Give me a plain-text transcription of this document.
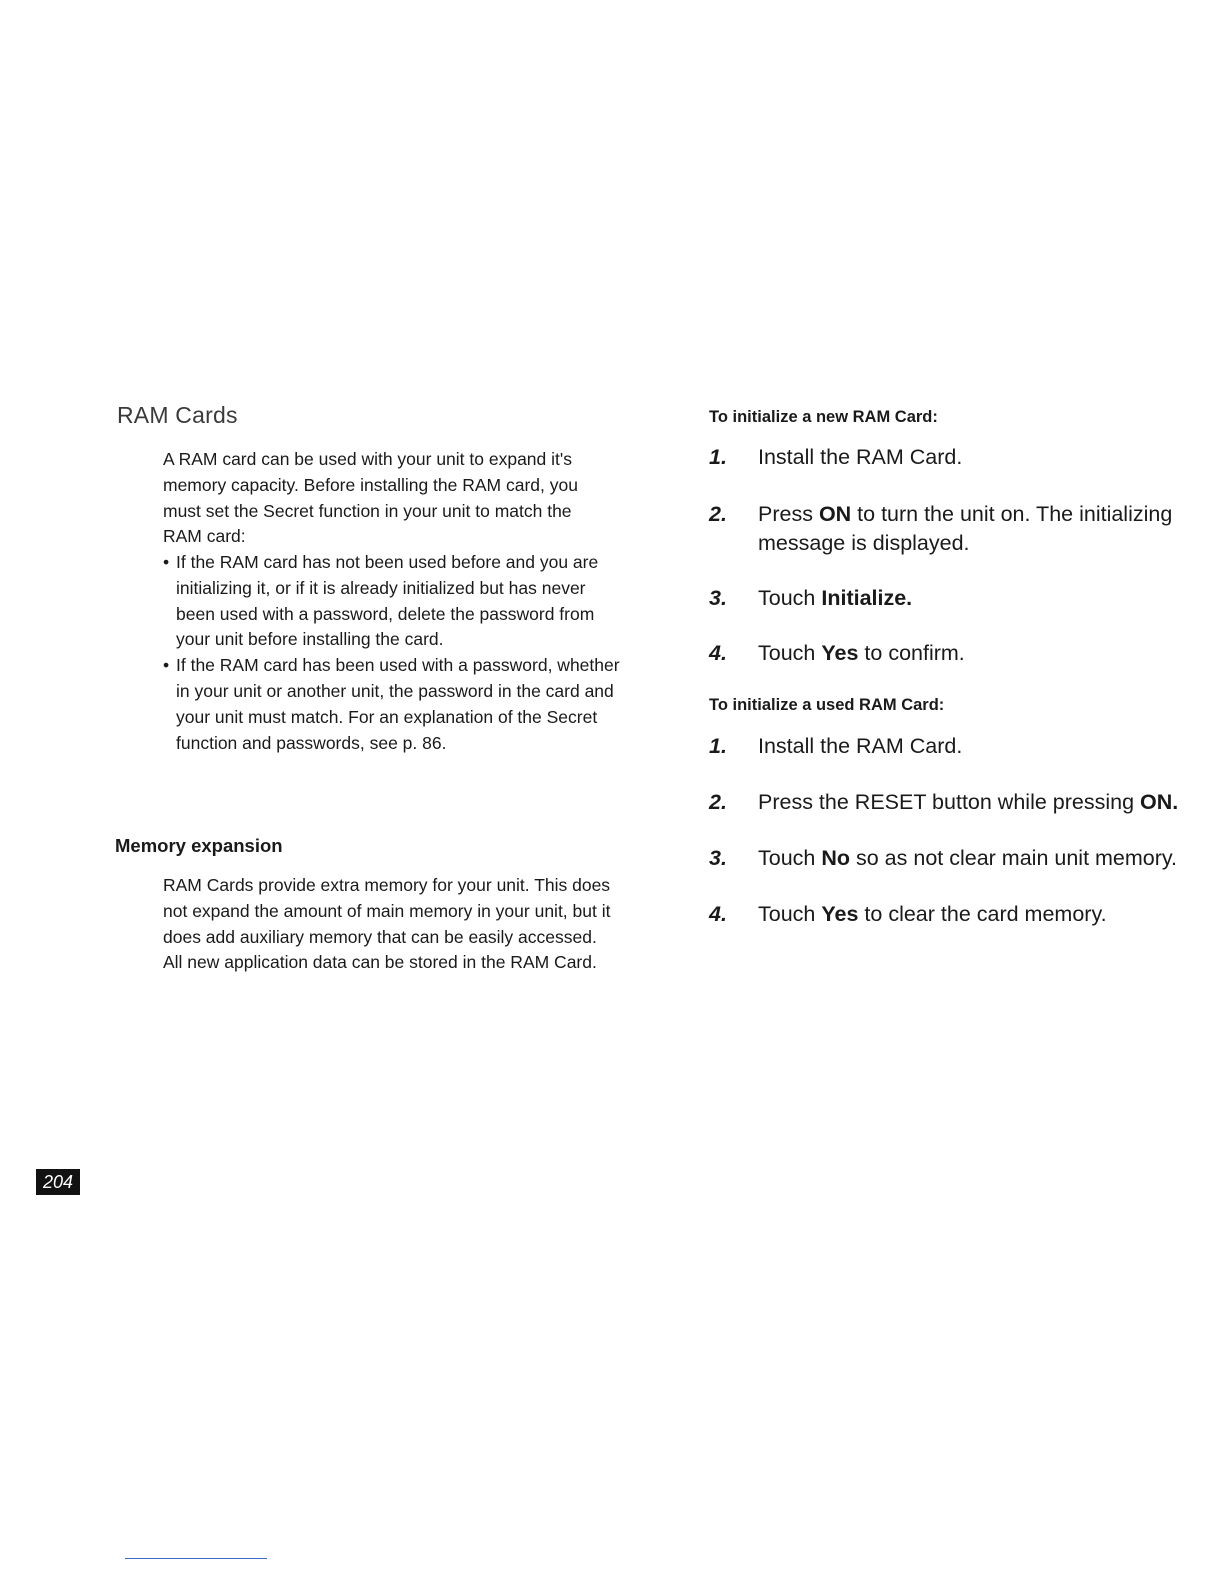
RAM Cards

A RAM card can be used with your unit to expand it's memory capacity. Before installing the RAM card, you must set the Secret function in your unit to match the RAM card:

• If the RAM card has not been used before and you are initializing it, or if it is already initialized but has never been used with a password, delete the password from your unit before installing the card.
• If the RAM card has been used with a password, whether in your unit or another unit, the password in the card and your unit must match. For an explanation of the Secret function and passwords, see p. 86.
Memory expansion

RAM Cards provide extra memory for your unit. This does not expand the amount of main memory in your unit, but it does add auxiliary memory that can be easily accessed. All new application data can be stored in the RAM Card.

To initialize a new RAM Card:
1.	Install the RAM Card.
2.	Press ON to turn the unit on. The initializing message is displayed.
3.	Touch Initialize.
4.	Touch Yes to confirm.
To initialize a used RAM Card:
1.	Install the RAM Card.
2.	Press the RESET button while pressing ON.
3.	Touch No so as not clear main unit memory.
4.	Touch Yes to clear the card memory.
204
